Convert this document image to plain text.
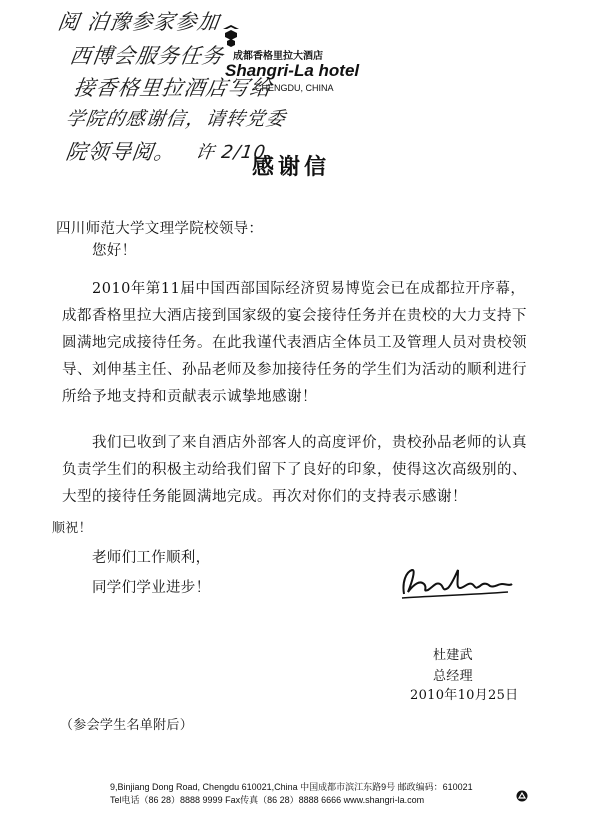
阅 泊豫参家参加
西博会服务任务
接香格里拉酒店写给
学院的感谢信，请转党委
院领导阅。 许 2/10
成都香格里拉大酒店
Shangri-La hotel
CHENGDU, CHINA
感谢信
四川师范大学文理学院校领导：
您好！
2010年第11届中国西部国际经济贸易博览会已在成都拉开序幕，成都香格里拉大酒店接到国家级的宴会接待任务并在贵校的大力支持下圆满地完成接待任务。在此我谨代表酒店全体员工及管理人员对贵校领导、刘伸基主任、孙品老师及参加接待任务的学生们为活动的顺利进行所给予地支持和贡献表示诚挚地感谢！
我们已收到了来自酒店外部客人的高度评价，贵校孙品老师的认真负责学生们的积极主动给我们留下了良好的印象，使得这次高级别的、大型的接待任务能圆满地完成。再次对你们的支持表示感谢！
顺祝！
老师们工作顺利，
同学们学业进步！
杜建武
总经理
2010年10月25日
（参会学生名单附后）
9,Binjiang Dong Road, Chengdu 610021,China 中国成都市滨江东路9号 邮政编码：610021
Tel电话（86 28）8888 9999 Fax传真（86 28）8888 6666 www.shangri-la.com
